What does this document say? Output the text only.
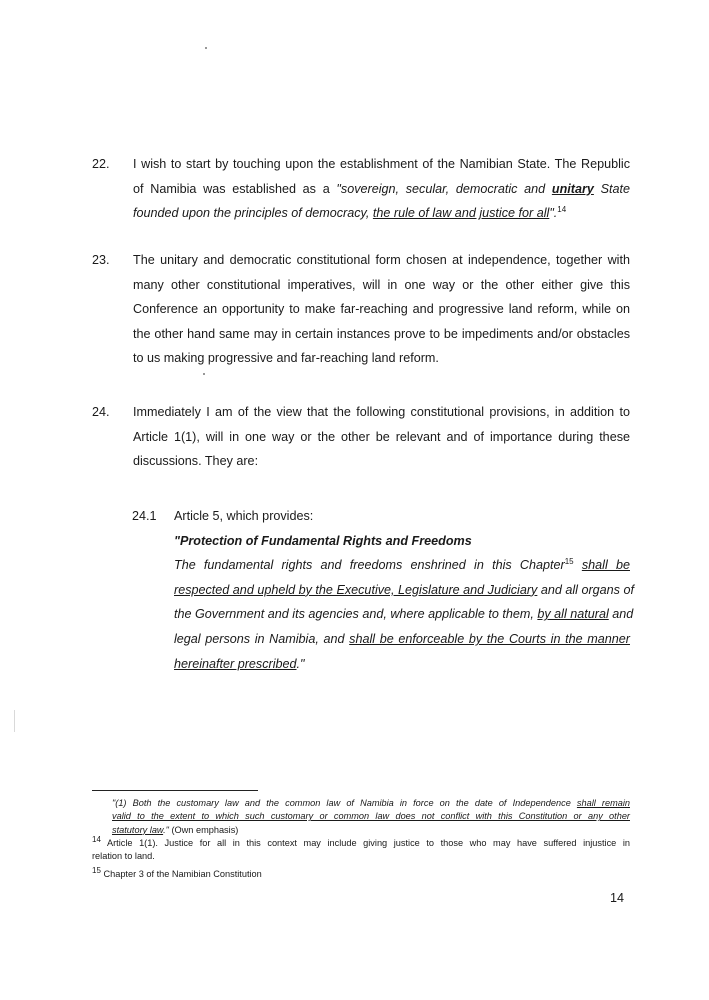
22. I wish to start by touching upon the establishment of the Namibian State. The Republic
of Namibia was established as a "sovereign, secular, democratic and unitary State
founded upon the principles of democracy, the rule of law and justice for all".$^{14}$
23. The unitary and democratic constitutional form chosen at independence, together with
many other constitutional imperatives, will in one way or the other either give this
Conference an opportunity to make far-reaching and progressive land reform, while on
the other hand same may in certain instances prove to be impediments and/or obstacles
to us making progressive and far-reaching land reform.
24. Immediately I am of the view that the following constitutional provisions, in addition to
Article 1(1), will in one way or the other be relevant and of importance during these
discussions. They are:
24.1 Article 5, which provides:
"Protection of Fundamental Rights and Freedoms
The fundamental rights and freedoms enshrined in this Chapter$^{15}$ shall be
respected and upheld by the Executive, Legislature and Judiciary and all organs of
the Government and its agencies and, where applicable to them, by all natural and
legal persons in Namibia, and shall be enforceable by the Courts in the manner
hereinafter prescribed."
"(1) Both the customary law and the common law of Namibia in force on the date of Independence shall remain
valid to the extent to which such customary or common law does not conflict with this Constitution or any other
statutory law." (Own emphasis)
$^{14}$ Article 1(1). Justice for all in this context may include giving justice to those who may have suffered injustice in
relation to land.
$^{15}$ Chapter 3 of the Namibian Constitution
14
